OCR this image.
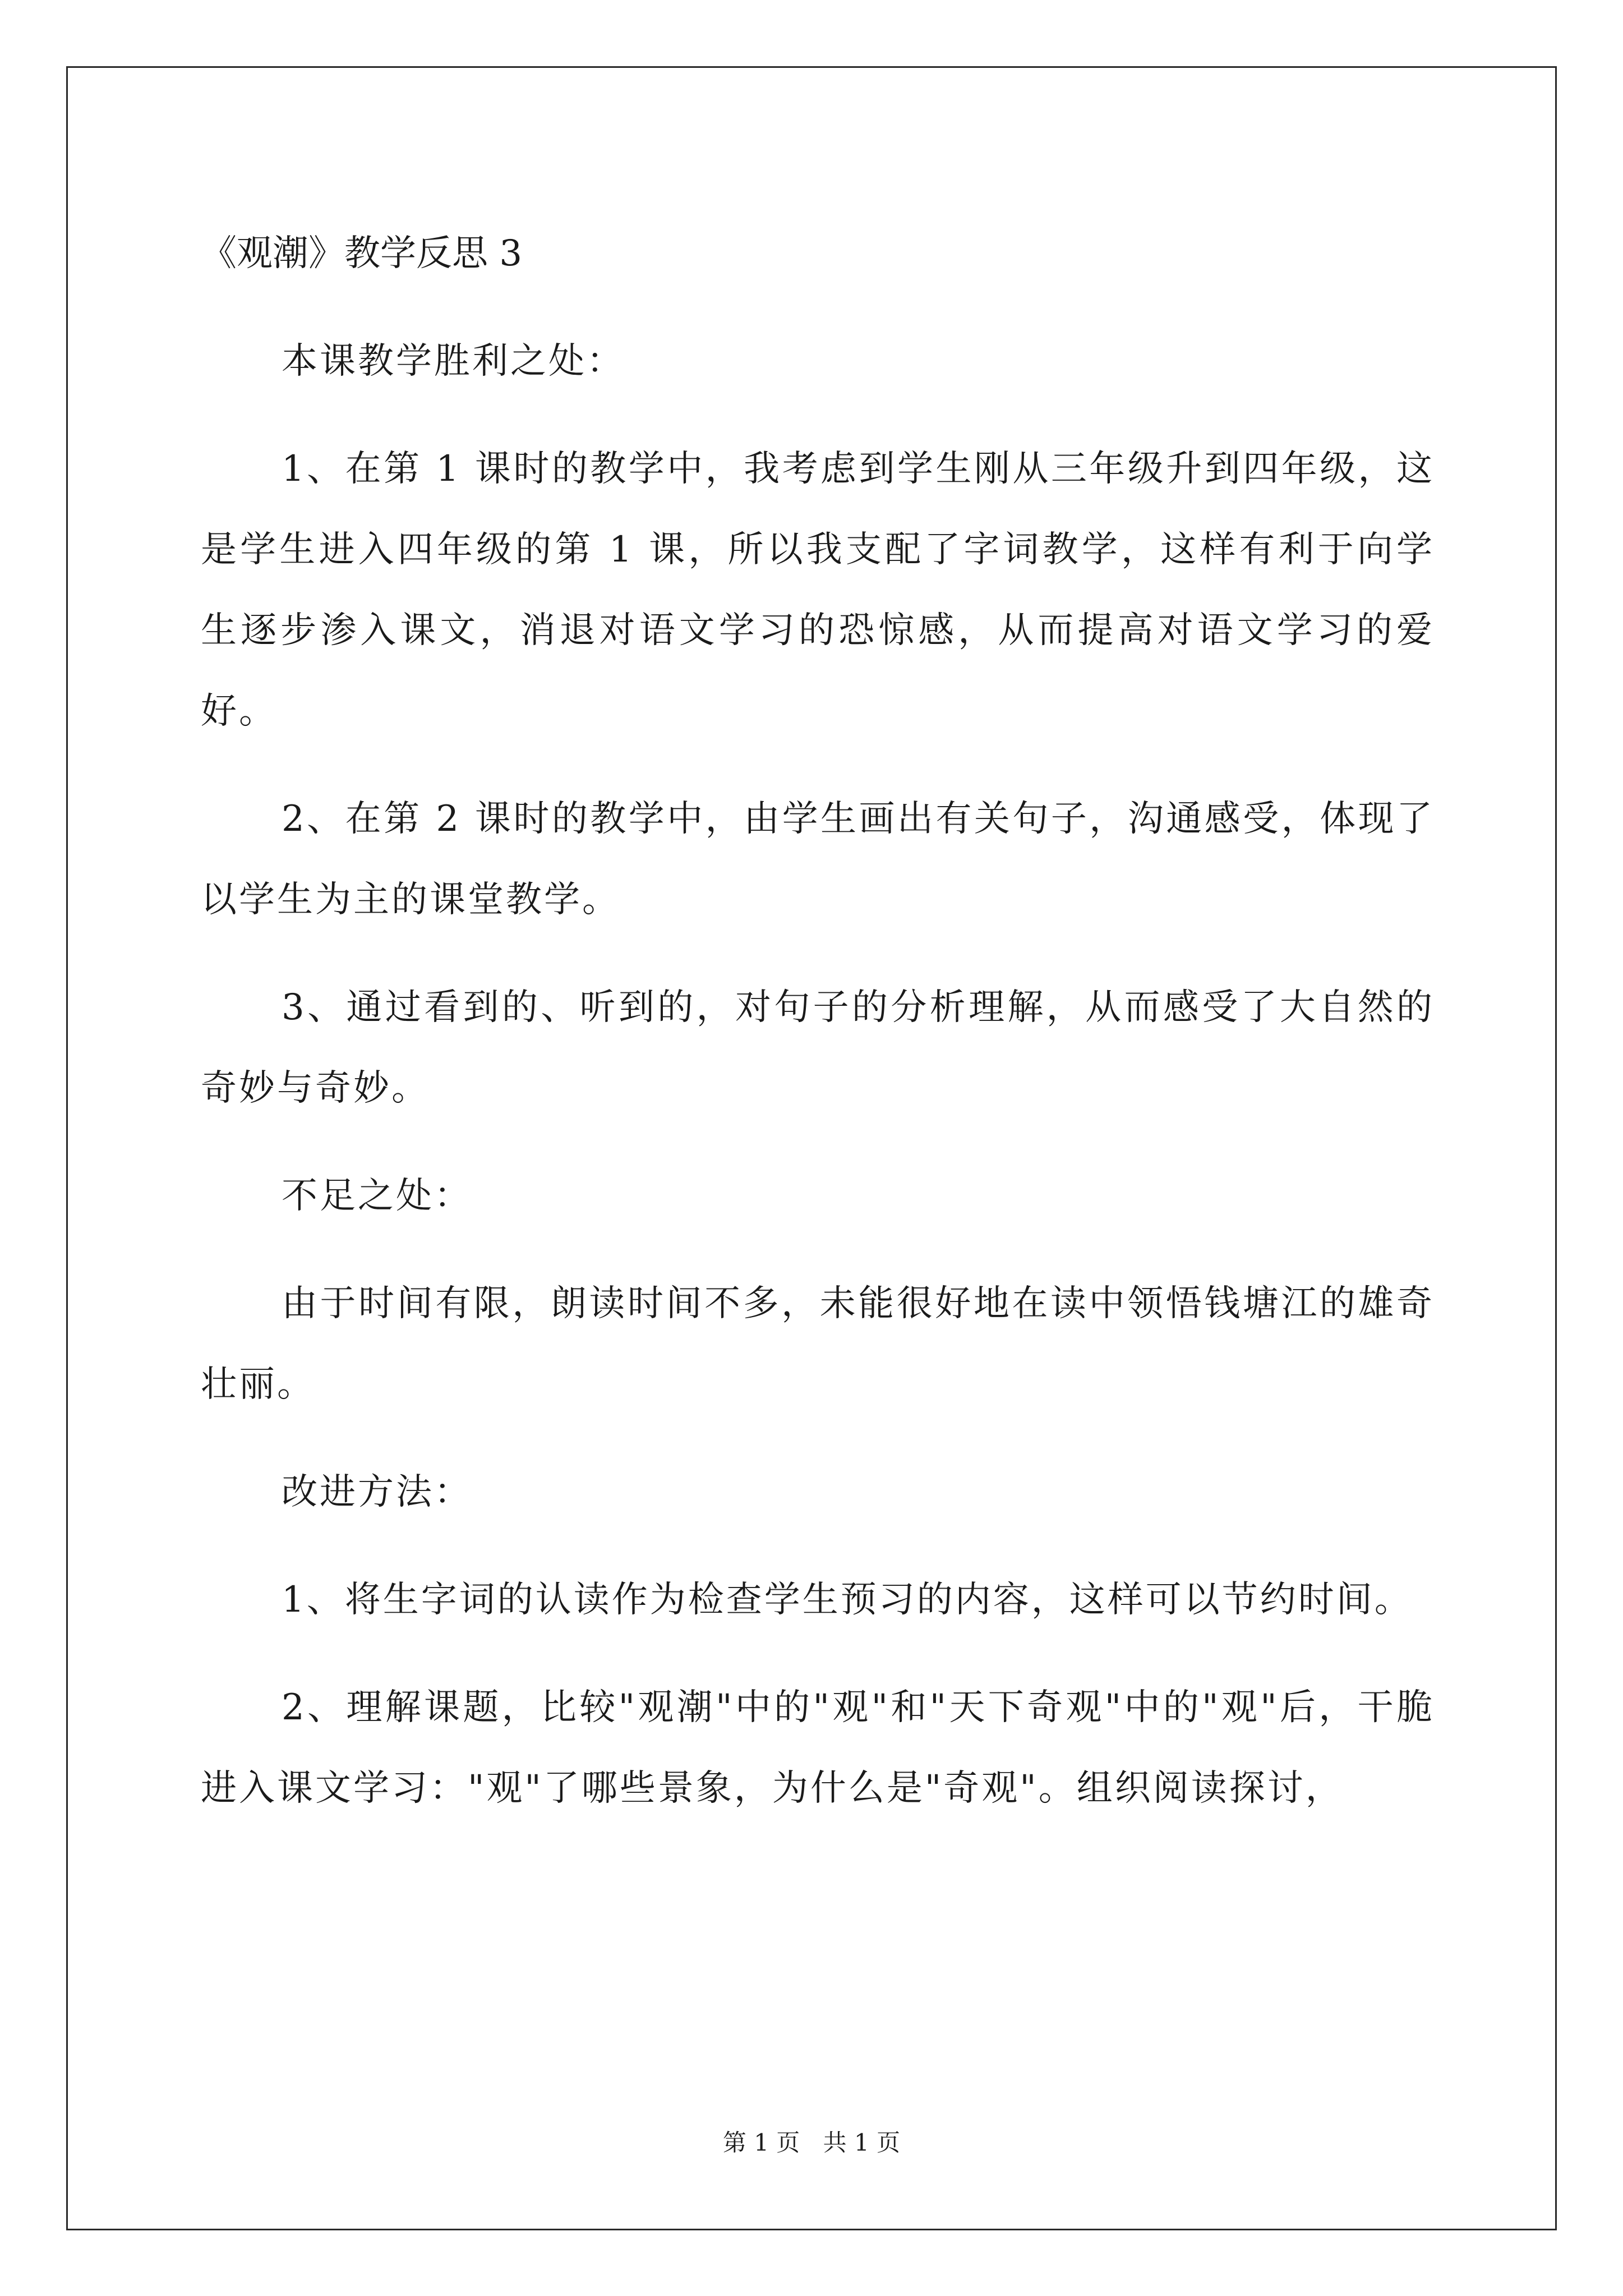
《观潮》教学反思 3

本课教学胜利之处：

1、在第 1 课时的教学中，我考虑到学生刚从三年级升到四年级，这是学生进入四年级的第 1 课，所以我支配了字词教学，这样有利于向学生逐步渗入课文，消退对语文学习的恐惊感，从而提高对语文学习的爱好。

2、在第 2 课时的教学中，由学生画出有关句子，沟通感受，体现了以学生为主的课堂教学。

3、通过看到的、听到的，对句子的分析理解，从而感受了大自然的奇妙与奇妙。

不足之处：

由于时间有限，朗读时间不多，未能很好地在读中领悟钱塘江的雄奇壮丽。

改进方法：

1、将生字词的认读作为检查学生预习的内容，这样可以节约时间。

2、理解课题，比较"观潮"中的"观"和"天下奇观"中的"观"后，干脆进入课文学习："观"了哪些景象，为什么是"奇观"。组织阅读探讨，

第 1 页 共 1 页
